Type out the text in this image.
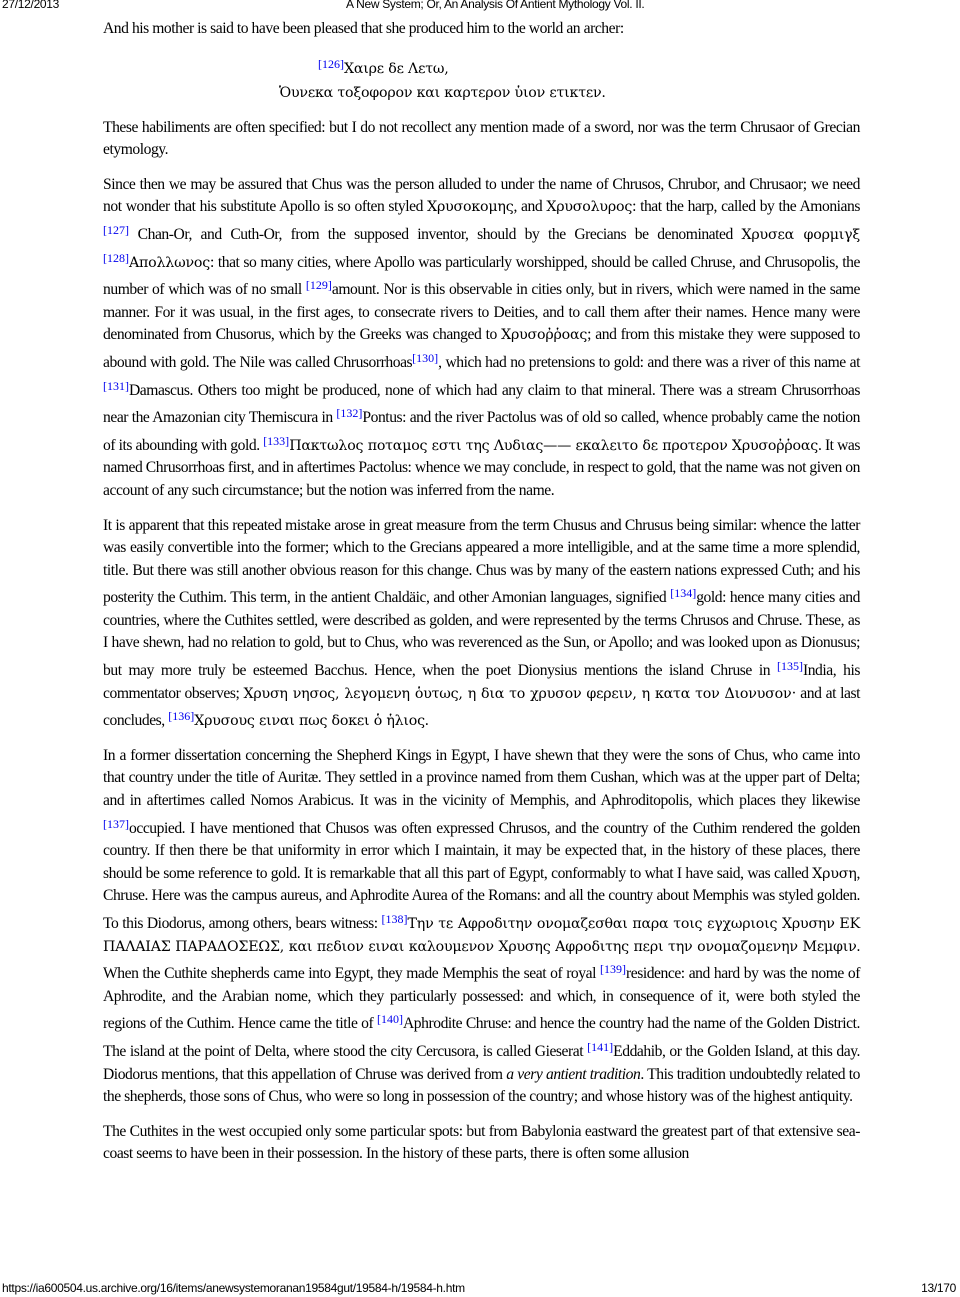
27/12/2013	A New System; Or, An Analysis Of Antient Mythology Vol. II.

And his mother is said to have been pleased that she produced him to the world an archer:

[126]Χαιρε δε Λετω,
Ὁυνεκα τοξοφορον και καρτερον ὑιον ετικτεν.

These habiliments are often specified: but I do not recollect any mention made of a sword, nor was the term Chrusaor of Grecian etymology.

Since then we may be assured that Chus was the person alluded to under the name of Chrusos, Chrubor, and Chrusaor; we need not wonder that his substitute Apollo is so often styled Χρυσοκομης, and Χρυσολυρος: that the harp, called by the Amonians [127] Chan-Or, and Cuth-Or, from the supposed inventor, should by the Grecians be denominated Χρυσεα φορμιγξ [128]Απολλωνος: that so many cities, where Apollo was particularly worshipped, should be called Chruse, and Chrusopolis, the number of which was of no small [129]amount. Nor is this observable in cities only, but in rivers, which were named in the same manner. For it was usual, in the first ages, to consecrate rivers to Deities, and to call them after their names. Hence many were denominated from Chusorus, which by the Greeks was changed to Χρυσοῤῥοας; and from this mistake they were supposed to abound with gold. The Nile was called Chrusorrhoas[130], which had no pretensions to gold: and there was a river of this name at [131]Damascus. Others too might be produced, none of which had any claim to that mineral. There was a stream Chrusorrhoas near the Amazonian city Themiscura in [132]Pontus: and the river Pactolus was of old so called, whence probably came the notion of its abounding with gold. [133]Πακτωλος ποταμος εστι της Λυδιας—— εκαλειτο δε προτερον Χρυσοῤῥοας. It was named Chrusorrhoas first, and in aftertimes Pactolus: whence we may conclude, in respect to gold, that the name was not given on account of any such circumstance; but the notion was inferred from the name.

It is apparent that this repeated mistake arose in great measure from the term Chusus and Chrusus being similar: whence the latter was easily convertible into the former; which to the Grecians appeared a more intelligible, and at the same time a more splendid, title. But there was still another obvious reason for this change. Chus was by many of the eastern nations expressed Cuth; and his posterity the Cuthim. This term, in the antient Chaldäic, and other Amonian languages, signified [134]gold: hence many cities and countries, where the Cuthites settled, were described as golden, and were represented by the terms Chrusos and Chruse. These, as I have shewn, had no relation to gold, but to Chus, who was reverenced as the Sun, or Apollo; and was looked upon as Dionusus; but may more truly be esteemed Bacchus. Hence, when the poet Dionysius mentions the island Chruse in [135]India, his commentator observes; Χρυση νησος, λεγομενη ὁυτως, η δια το χρυσον φερειν, η κατα τον Διονυσον· and at last concludes, [136]Χρυσους ειναι πως δοκει ὁ ἡλιος.

In a former dissertation concerning the Shepherd Kings in Egypt, I have shewn that they were the sons of Chus, who came into that country under the title of Auritæ. They settled in a province named from them Cushan, which was at the upper part of Delta; and in aftertimes called Nomos Arabicus. It was in the vicinity of Memphis, and Aphroditopolis, which places they likewise [137]occupied. I have mentioned that Chusos was often expressed Chrusos, and the country of the Cuthim rendered the golden country. If then there be that uniformity in error which I maintain, it may be expected that, in the history of these places, there should be some reference to gold. It is remarkable that all this part of Egypt, conformably to what I have said, was called Χρυση, Chruse. Here was the campus aureus, and Aphrodite Aurea of the Romans: and all the country about Memphis was styled golden. To this Diodorus, among others, bears witness: [138]Την τε Αφροδιτην ονομαζεσθαι παρα τοις εγχωριοις Χρυσην ΕΚ ΠΑΛΑΙΑΣ ΠΑΡΑΔΟΣΕΩΣ, και πεδιον ειναι καλουμενον Χρυσης Αφροδιτης περι την ονομαζομενην Μεμφιν. When the Cuthite shepherds came into Egypt, they made Memphis the seat of royal [139]residence: and hard by was the nome of Aphrodite, and the Arabian nome, which they particularly possessed: and which, in consequence of it, were both styled the regions of the Cuthim. Hence came the title of [140]Aphrodite Chruse: and hence the country had the name of the Golden District. The island at the point of Delta, where stood the city Cercusora, is called Gieserat [141]Eddahib, or the Golden Island, at this day. Diodorus mentions, that this appellation of Chruse was derived from a very antient tradition. This tradition undoubtedly related to the shepherds, those sons of Chus, who were so long in possession of the country; and whose history was of the highest antiquity.

The Cuthites in the west occupied only some particular spots: but from Babylonia eastward the greatest part of that extensive sea-coast seems to have been in their possession. In the history of these parts, there is often some allusion

https://ia600504.us.archive.org/16/items/anewsystemoranan19584gut/19584-h/19584-h.htm	13/170
